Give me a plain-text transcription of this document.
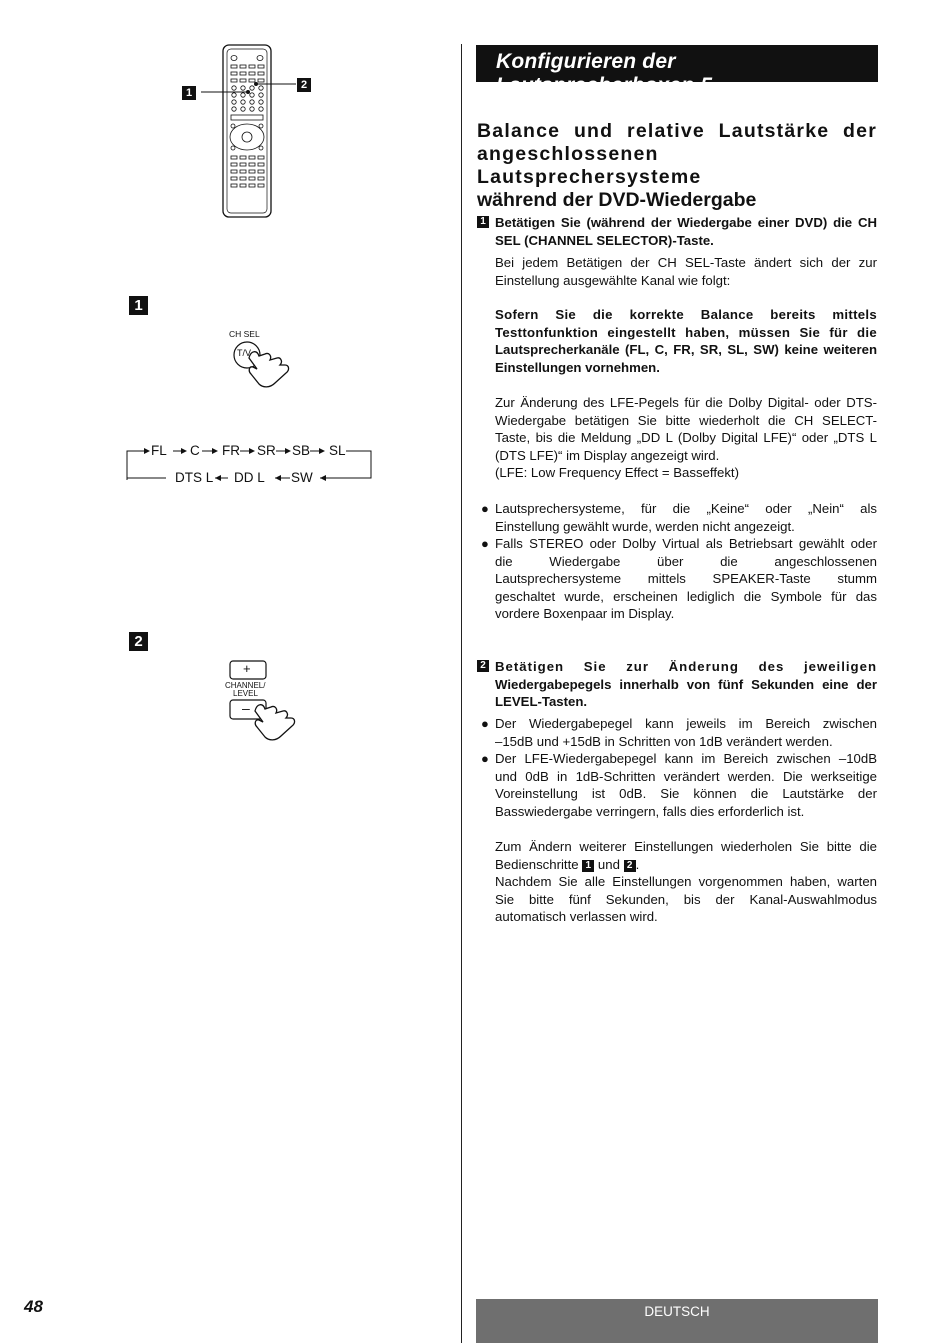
Konfigurieren der Lautsprecherboxen 5
1
2
1
CH SEL
T/V
FL C FR SR SB SL
DTS L DD L SW
2
+
CHANNEL/
LEVEL
–
Balance und relative Lautstärke der
angeschlossenen Lautsprechersysteme
während der DVD-Wiedergabe
1 Betätigen Sie (während der Wiedergabe einer DVD) die CH
SEL (CHANNEL SELECTOR)-Taste.
Bei jedem Betätigen der CH SEL-Taste ändert sich der zur
Einstellung ausgewählte Kanal wie folgt:
Sofern Sie die korrekte Balance bereits mittels
Testtonfunktion eingestellt haben, müssen Sie für die
Lautsprecherkanäle (FL, C, FR, SR, SL, SW) keine weiteren
Einstellungen vornehmen.
Zur Änderung des LFE-Pegels für die Dolby Digital- oder DTS-
Wiedergabe betätigen Sie bitte wiederholt die CH SELECT-
Taste, bis die Meldung „DD L (Dolby Digital LFE)“ oder „DTS L
(DTS LFE)“ im Display angezeigt wird.
(LFE: Low Frequency Effect = Basseffekt)
● Lautsprechersysteme, für die „Keine“ oder „Nein“ als
Einstellung gewählt wurde, werden nicht angezeigt.
● Falls STEREO oder Dolby Virtual als Betriebsart gewählt oder
die Wiedergabe über die angeschlossenen
Lautsprechersysteme mittels SPEAKER-Taste stumm
geschaltet wurde, erscheinen lediglich die Symbole für das
vordere Boxenpaar im Display.
2 Betätigen Sie zur Änderung des jeweiligen
Wiedergabepegels innerhalb von fünf Sekunden eine der
LEVEL-Tasten.
● Der Wiedergabepegel kann jeweils im Bereich zwischen
–15dB und +15dB in Schritten von 1dB verändert werden.
● Der LFE-Wiedergabepegel kann im Bereich zwischen –10dB
und 0dB in 1dB-Schritten verändert werden. Die werkseitige
Voreinstellung ist 0dB. Sie können die Lautstärke der
Basswiedergabe verringern, falls dies erforderlich ist.
Zum Ändern weiterer Einstellungen wiederholen Sie bitte die
Bedienschritte 1 und 2 .
Nachdem Sie alle Einstellungen vorgenommen haben, warten
Sie bitte fünf Sekunden, bis der Kanal-Auswahlmodus
automatisch verlassen wird.
48	DEUTSCH
